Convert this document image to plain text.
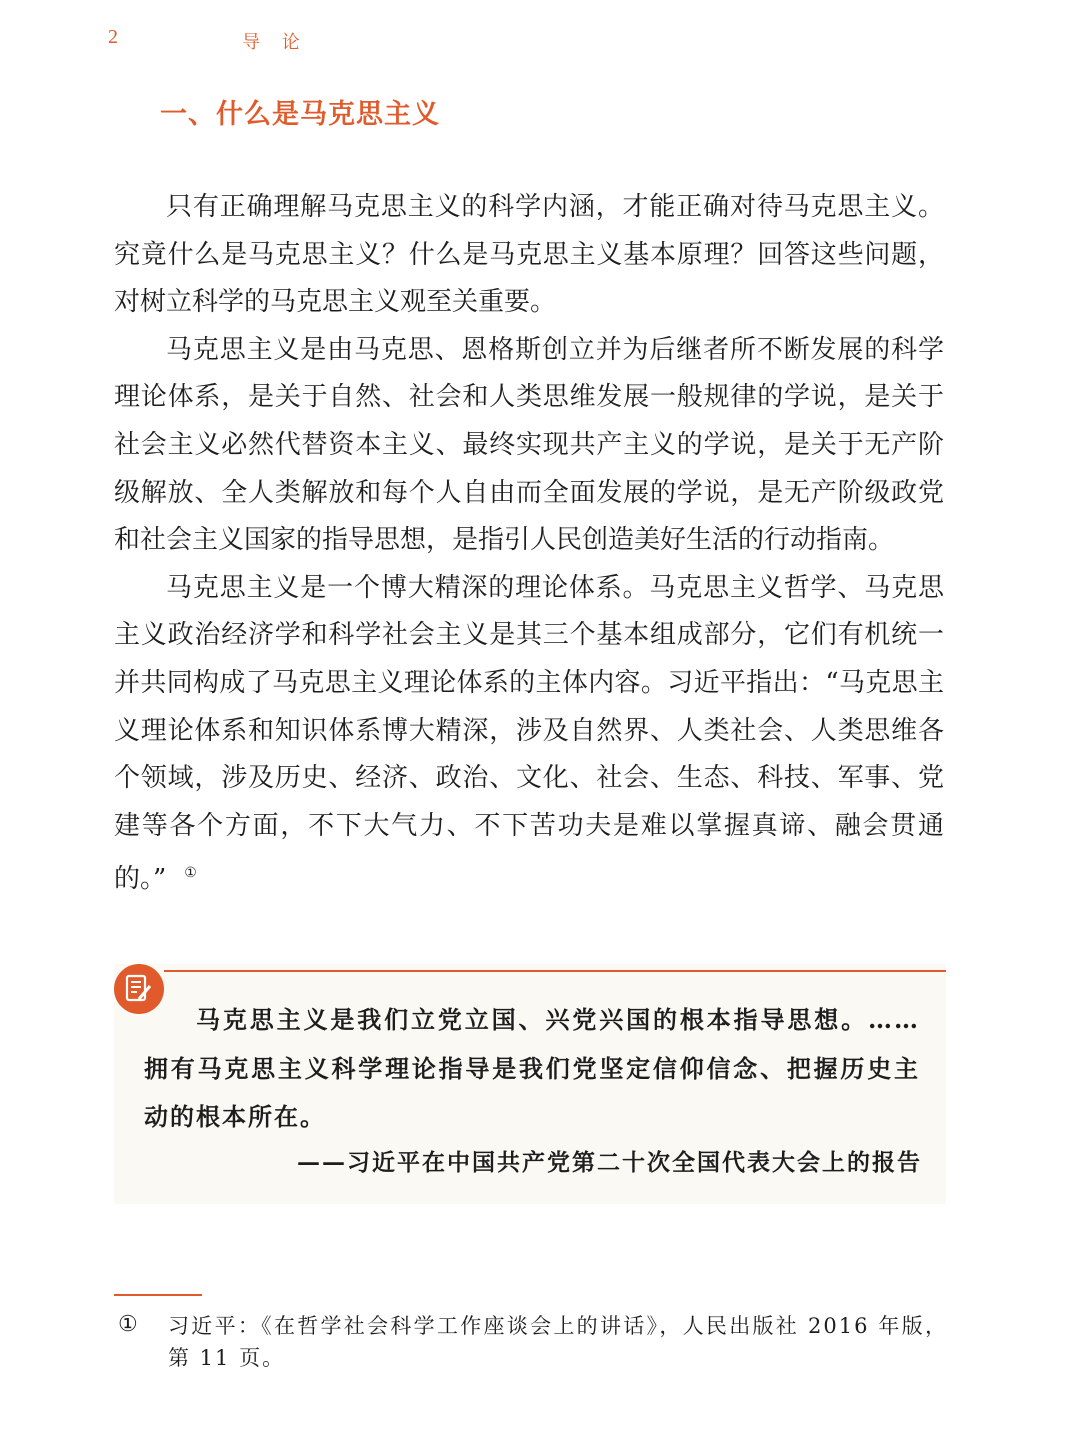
2	导 论
一、什么是马克思主义

只有正确理解马克思主义的科学内涵，才能正确对待马克思主义。究竟什么是马克思主义？什么是马克思主义基本原理？回答这些问题，对树立科学的马克思主义观至关重要。

马克思主义是由马克思、恩格斯创立并为后继者所不断发展的科学理论体系，是关于自然、社会和人类思维发展一般规律的学说，是关于社会主义必然代替资本主义、最终实现共产主义的学说，是关于无产阶级解放、全人类解放和每个人自由而全面发展的学说，是无产阶级政党和社会主义国家的指导思想，是指引人民创造美好生活的行动指南。

马克思主义是一个博大精深的理论体系。马克思主义哲学、马克思主义政治经济学和科学社会主义是其三个基本组成部分，它们有机统一并共同构成了马克思主义理论体系的主体内容。习近平指出：“马克思主义理论体系和知识体系博大精深，涉及自然界、人类社会、人类思维各个领域，涉及历史、经济、政治、文化、社会、生态、科技、军事、党建等各个方面，不下大气力、不下苦功夫是难以掌握真谛、融会贯通的。” ①

马克思主义是我们立党立国、兴党兴国的根本指导思想。……拥有马克思主义科学理论指导是我们党坚定信仰信念、把握历史主动的根本所在。

——习近平在中国共产党第二十次全国代表大会上的报告
① 习近平：《在哲学社会科学工作座谈会上的讲话》，人民出版社 2016 年版，第 11 页。
